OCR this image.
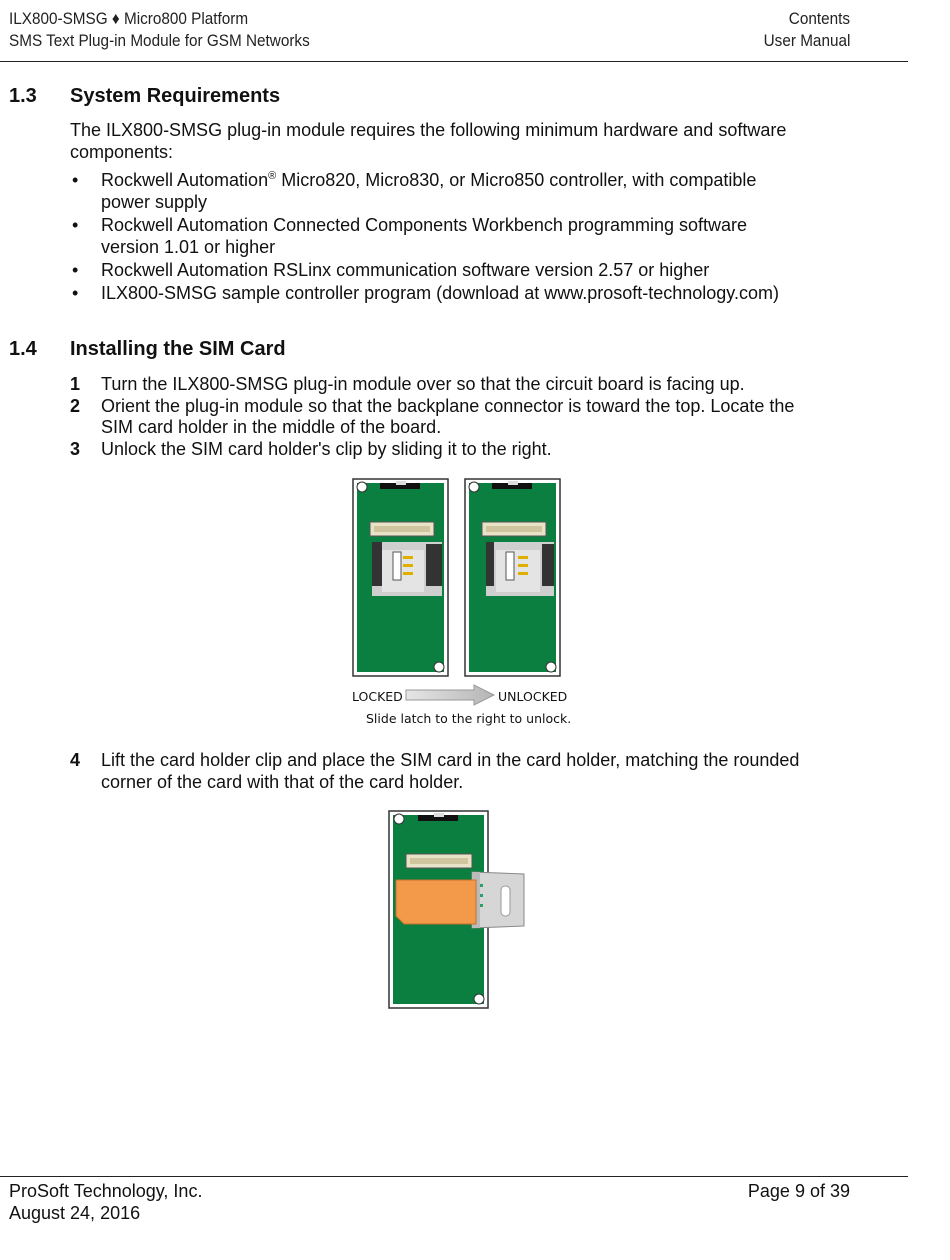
ILX800-SMSG ♦ Micro800 Platform
SMS Text Plug-in Module for GSM Networks
Contents
User Manual
1.3 System Requirements
The ILX800-SMSG plug-in module requires the following minimum hardware and software
components:
• Rockwell Automation® Micro820, Micro830, or Micro850 controller, with compatible
power supply
• Rockwell Automation Connected Components Workbench programming software
version 1.01 or higher
• Rockwell Automation RSLinx communication software version 2.57 or higher
• ILX800-SMSG sample controller program (download at www.prosoft-technology.com)
1.4 Installing the SIM Card
1 Turn the ILX800-SMSG plug-in module over so that the circuit board is facing up.
2 Orient the plug-in module so that the backplane connector is toward the top. Locate the
SIM card holder in the middle of the board.
3 Unlock the SIM card holder's clip by sliding it to the right.
LOCKED	UNLOCKED
Slide latch to the right to unlock.
4 Lift the card holder clip and place the SIM card in the card holder, matching the rounded
corner of the card with that of the card holder.
ProSoft Technology, Inc.
August 24, 2016
Page 9 of 39
